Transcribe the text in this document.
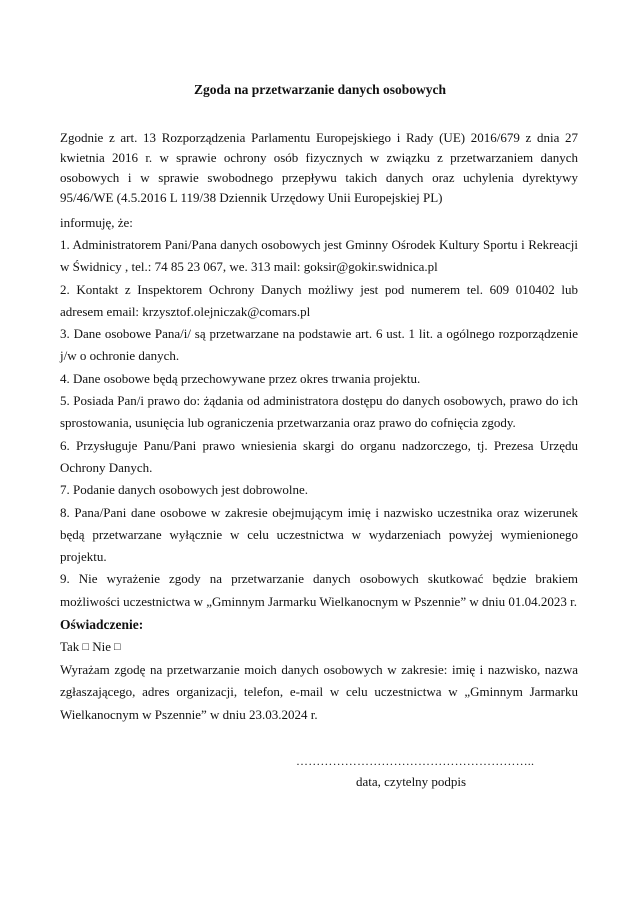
Zgoda na przetwarzanie danych osobowych

Zgodnie z art. 13 Rozporządzenia Parlamentu Europejskiego i Rady (UE) 2016/679 z dnia 27 kwietnia 2016 r. w sprawie ochrony osób fizycznych w związku z przetwarzaniem danych osobowych i w sprawie swobodnego przepływu takich danych oraz uchylenia dyrektywy 95/46/WE (4.5.2016 L 119/38 Dziennik Urzędowy Unii Europejskiej PL)

informuję, że:

1. Administratorem Pani/Pana danych osobowych jest Gminny Ośrodek Kultury Sportu i Rekreacji w Świdnicy , tel.: 74 85 23 067, we. 313 mail: goksir@gokir.swidnica.pl

2. Kontakt z Inspektorem Ochrony Danych możliwy jest pod numerem tel. 609 010402 lub adresem email: krzysztof.olejniczak@comars.pl

3. Dane osobowe Pana/i/ są przetwarzane na podstawie art. 6 ust. 1 lit. a ogólnego rozporządzenie j/w o ochronie danych.

4. Dane osobowe będą przechowywane przez okres trwania projektu.

5. Posiada Pan/i prawo do: żądania od administratora dostępu do danych osobowych, prawo do ich sprostowania, usunięcia lub ograniczenia przetwarzania oraz prawo do cofnięcia zgody.

6. Przysługuje Panu/Pani prawo wniesienia skargi do organu nadzorczego, tj. Prezesa Urzędu Ochrony Danych.

7. Podanie danych osobowych jest dobrowolne.

8. Pana/Pani dane osobowe w zakresie obejmującym imię i nazwisko uczestnika oraz wizerunek będą przetwarzane wyłącznie w celu uczestnictwa w wydarzeniach powyżej wymienionego projektu.

9. Nie wyrażenie zgody na przetwarzanie danych osobowych skutkować będzie brakiem możliwości uczestnictwa w „Gminnym Jarmarku Wielkanocnym w Pszennie” w dniu 01.04.2023 r.

Oświadczenie:
Tak □ Nie □

Wyrażam zgodę na przetwarzanie moich danych osobowych w zakresie: imię i nazwisko, nazwa zgłaszającego, adres organizacji, telefon, e-mail w celu uczestnictwa w „Gminnym Jarmarku Wielkanocnym w Pszennie” w dniu 23.03.2024 r.

…………………………………………………..
data, czytelny podpis
